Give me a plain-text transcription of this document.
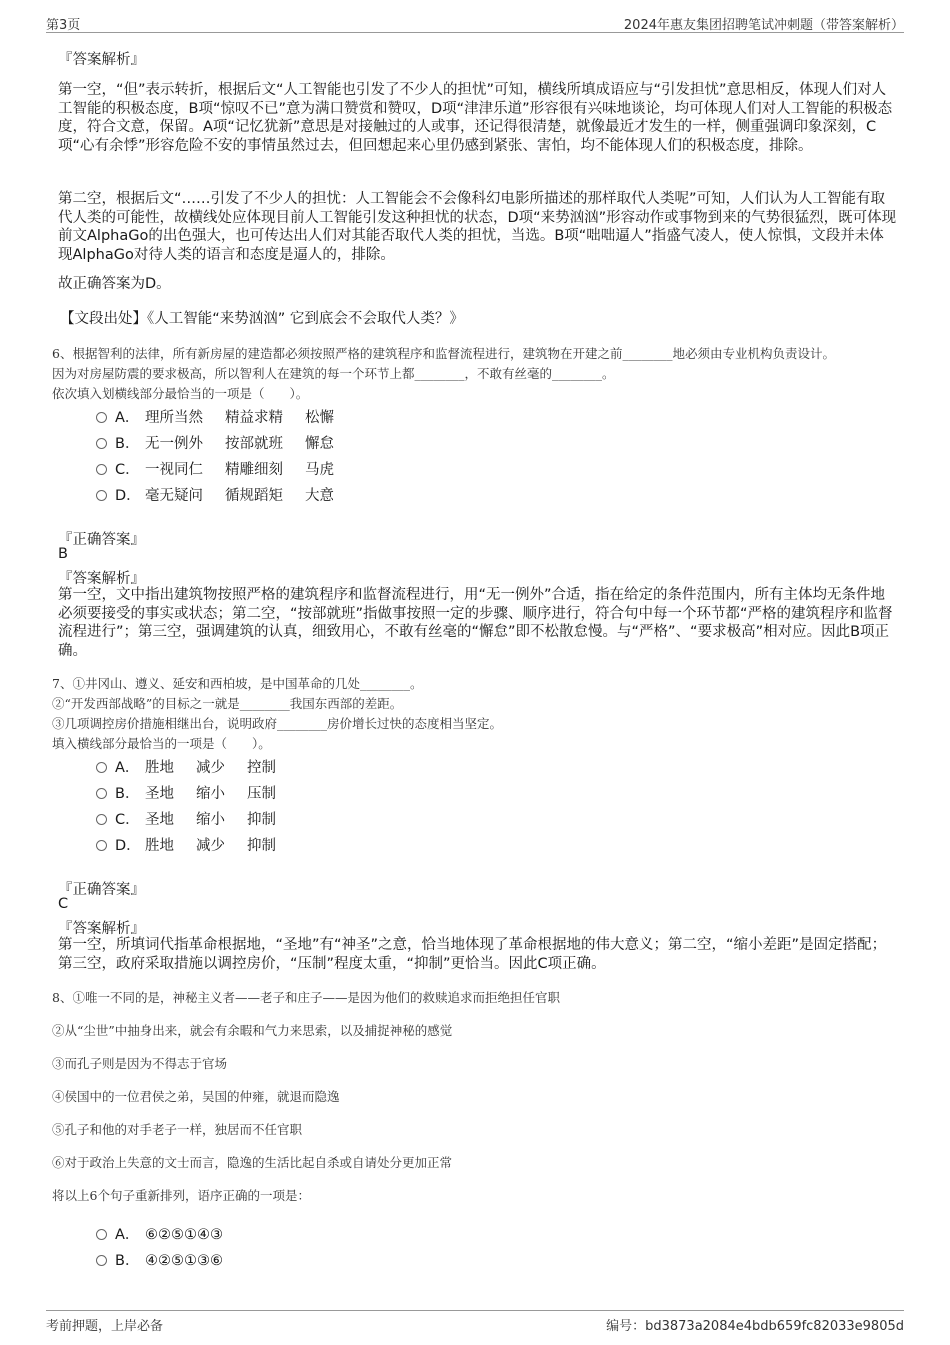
第3页	2024年惠友集团招聘笔试冲刺题（带答案解析）
『答案解析』
第一空，“但”表示转折，根据后文“人工智能也引发了不少人的担忧”可知，横线所填成语应与“引发担忧”意思相反，体现人们对人工智能的积极态度，B项“惊叹不已”意为满口赞赏和赞叹，D项“津津乐道”形容很有兴味地谈论，均可体现人们对人工智能的积极态度，符合文意，保留。A项“记忆犹新”意思是对接触过的人或事，还记得很清楚，就像最近才发生的一样，侧重强调印象深刻，C项“心有余悸”形容危险不安的事情虽然过去，但回想起来心里仍感到紧张、害怕，均不能体现人们的积极态度，排除。
第二空，根据后文“……引发了不少人的担忧：人工智能会不会像科幻电影所描述的那样取代人类呢”可知，人们认为人工智能有取代人类的可能性，故横线处应体现目前人工智能引发这种担忧的状态，D项“来势汹汹”形容动作或事物到来的气势很猛烈，既可体现前文AlphaGo的出色强大，也可传达出人们对其能否取代人类的担忧，当选。B项“咄咄逼人”指盛气凌人，使人惊惧，文段并未体现AlphaGo对待人类的语言和态度是逼人的，排除。
故正确答案为D。
【文段出处】《人工智能“来势汹汹” 它到底会不会取代人类？》
6、根据智利的法律，所有新房屋的建造都必须按照严格的建筑程序和监督流程进行，建筑物在开建之前________地必须由专业机构负责设计。
因为对房屋防震的要求极高，所以智利人在建筑的每一个环节上都________，不敢有丝毫的________。
依次填入划横线部分最恰当的一项是（　　）。
A． 理所当然 精益求精 松懈
B． 无一例外 按部就班 懈怠
C． 一视同仁 精雕细刻 马虎
D． 毫无疑问 循规蹈矩 大意
『正确答案』
B
『答案解析』
第一空，文中指出建筑物按照严格的建筑程序和监督流程进行，用“无一例外”合适，指在给定的条件范围内，所有主体均无条件地必须要接受的事实或状态；第二空，“按部就班”指做事按照一定的步骤、顺序进行，符合句中每一个环节都“严格的建筑程序和监督流程进行”；第三空，强调建筑的认真，细致用心，不敢有丝毫的“懈怠”即不松散怠慢。与“严格”、“要求极高”相对应。因此B项正确。
7、①井冈山、遵义、延安和西柏坡，是中国革命的几处________。
②“开发西部战略”的目标之一就是________我国东西部的差距。
③几项调控房价措施相继出台，说明政府________房价增长过快的态度相当坚定。
填入横线部分最恰当的一项是（　　）。
A． 胜地 减少 控制
B． 圣地 缩小 压制
C． 圣地 缩小 抑制
D． 胜地 减少 抑制
『正确答案』
C
『答案解析』
第一空，所填词代指革命根据地，“圣地”有“神圣”之意，恰当地体现了革命根据地的伟大意义；第二空，“缩小差距”是固定搭配；第三空，政府采取措施以调控房价，“压制”程度太重，“抑制”更恰当。因此C项正确。
8、①唯一不同的是，神秘主义者——老子和庄子——是因为他们的救赎追求而拒绝担任官职
②从“尘世”中抽身出来，就会有余暇和气力来思索，以及捕捉神秘的感觉
③而孔子则是因为不得志于官场
④侯国中的一位君侯之弟，吴国的仲雍，就退而隐逸
⑤孔子和他的对手老子一样，独居而不任官职
⑥对于政治上失意的文士而言，隐逸的生活比起自杀或自请处分更加正常
将以上6个句子重新排列，语序正确的一项是：
A． ⑥②⑤①④③
B． ④②⑤①③⑥
考前押题，上岸必备	编号：bd3873a2084e4bdb659fc82033e9805d
